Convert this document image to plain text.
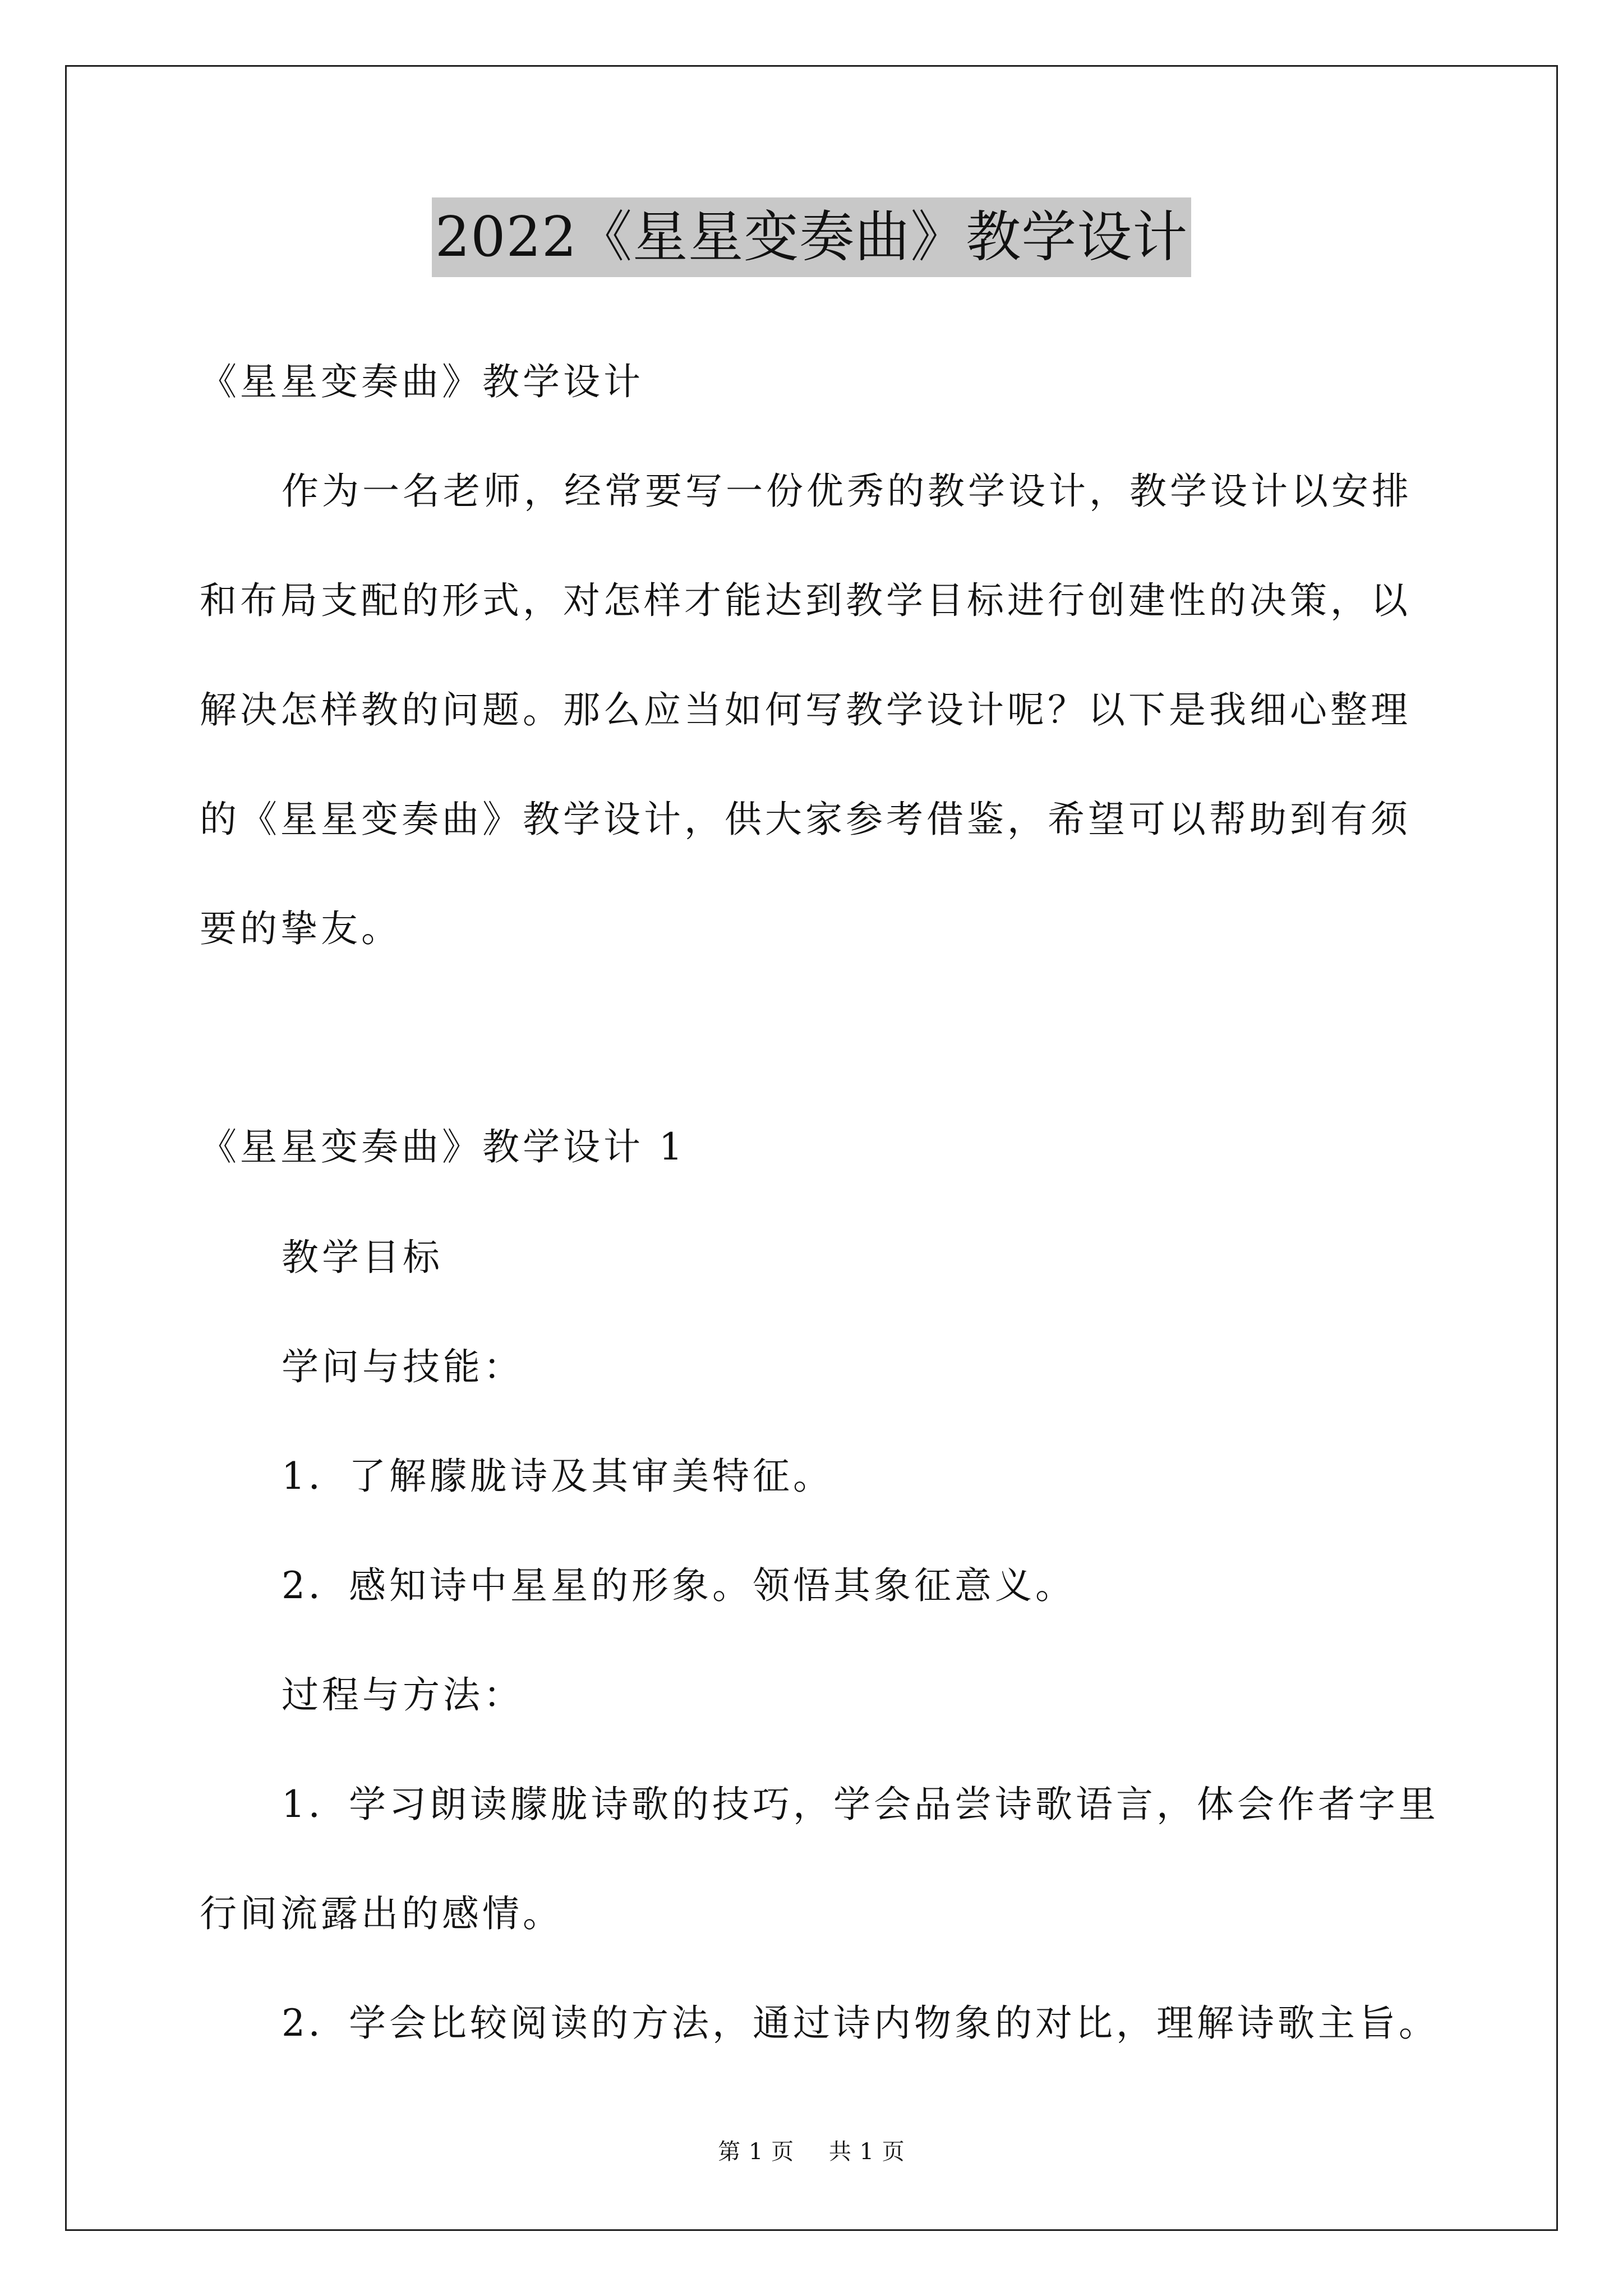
2022《星星变奏曲》教学设计
《星星变奏曲》教学设计
作为一名老师，经常要写一份优秀的教学设计，教学设计以安排
和布局支配的形式，对怎样才能达到教学目标进行创建性的决策，以
解决怎样教的问题。那么应当如何写教学设计呢？以下是我细心整理
的《星星变奏曲》教学设计，供大家参考借鉴，希望可以帮助到有须
要的挚友。
《星星变奏曲》教学设计 1
教学目标
学问与技能：
1．了解朦胧诗及其审美特征。
2．感知诗中星星的形象。领悟其象征意义。
过程与方法：
1．学习朗读朦胧诗歌的技巧，学会品尝诗歌语言，体会作者字里
行间流露出的感情。
2．学会比较阅读的方法，通过诗内物象的对比，理解诗歌主旨。
第 1 页 共 1 页
